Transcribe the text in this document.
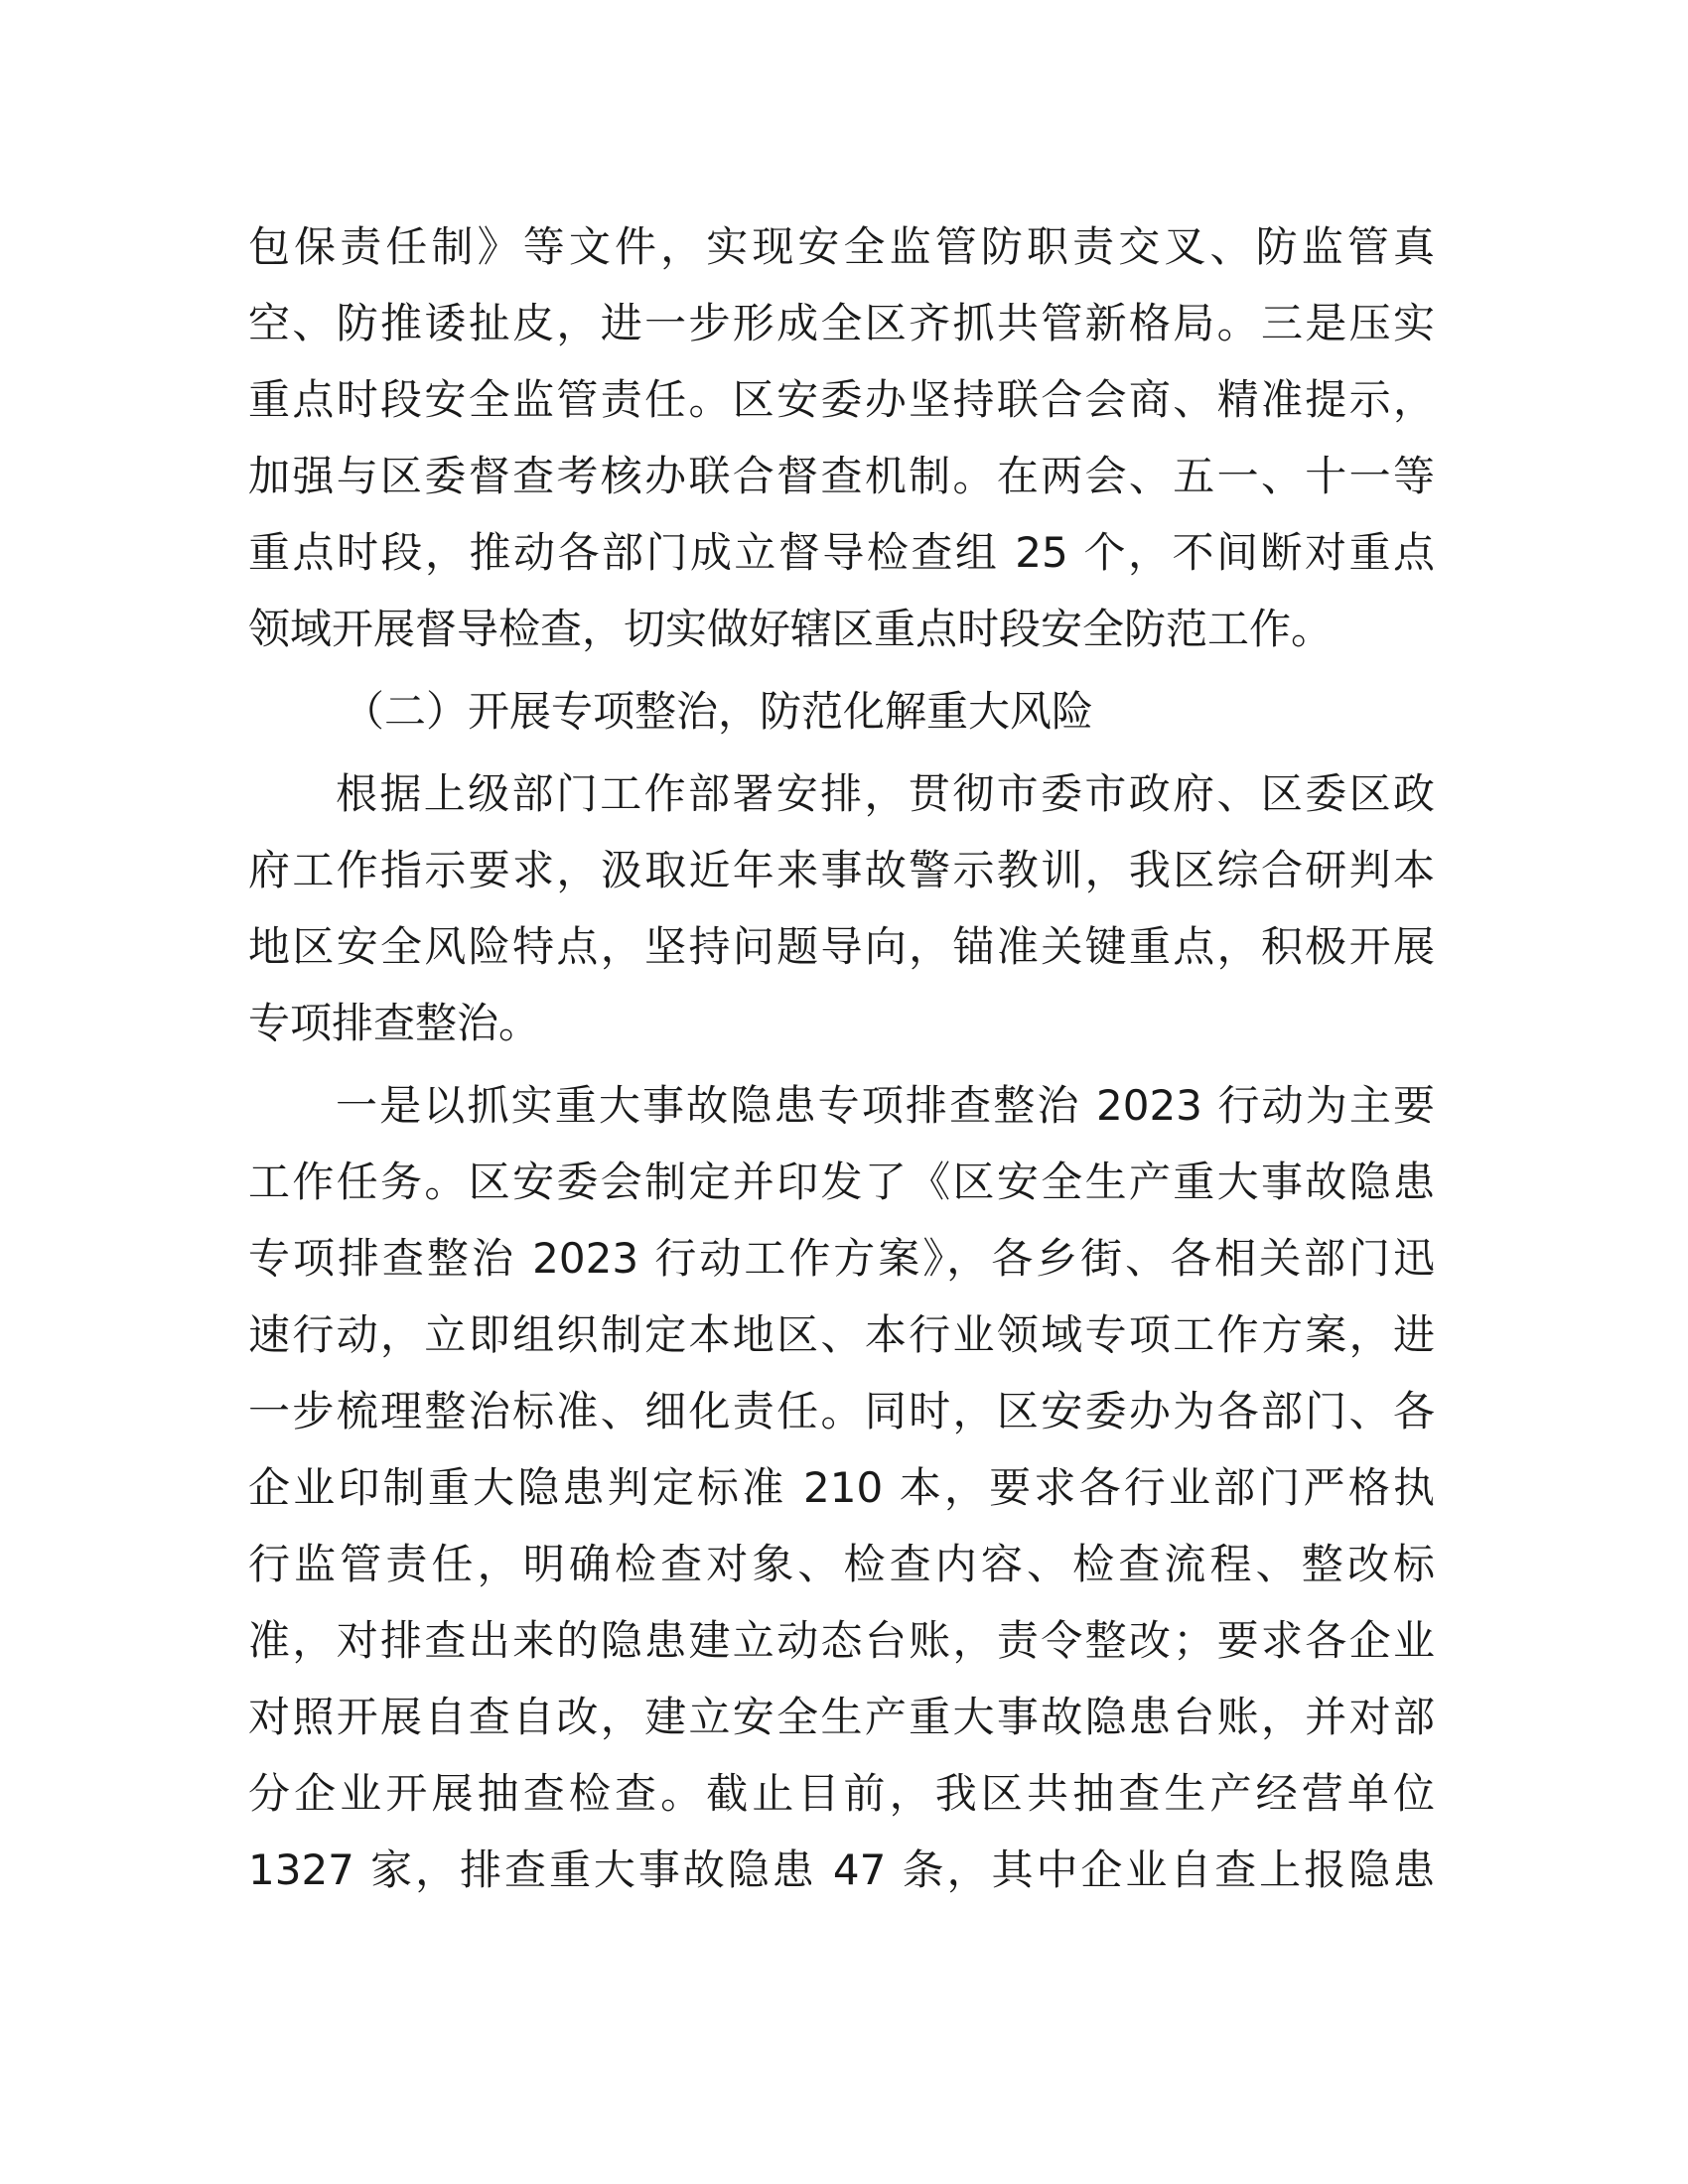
包保责任制》等文件，实现安全监管防职责交叉、防监管真
空、防推诿扯皮，进一步形成全区齐抓共管新格局。三是压实
重点时段安全监管责任。区安委办坚持联合会商、精准提示，
加强与区委督查考核办联合督查机制。在两会、五一、十一等
重点时段，推动各部门成立督导检查组 25 个，不间断对重点
领域开展督导检查，切实做好辖区重点时段安全防范工作。
（二）开展专项整治，防范化解重大风险
根据上级部门工作部署安排，贯彻市委市政府、区委区政
府工作指示要求，汲取近年来事故警示教训，我区综合研判本
地区安全风险特点，坚持问题导向，锚准关键重点，积极开展
专项排查整治。
一是以抓实重大事故隐患专项排查整治 2023 行动为主要
工作任务。区安委会制定并印发了《区安全生产重大事故隐患
专项排查整治 2023 行动工作方案》，各乡街、各相关部门迅
速行动，立即组织制定本地区、本行业领域专项工作方案，进
一步梳理整治标准、细化责任。同时，区安委办为各部门、各
企业印制重大隐患判定标准 210 本，要求各行业部门严格执
行监管责任，明确检查对象、检查内容、检查流程、整改标
准，对排查出来的隐患建立动态台账，责令整改；要求各企业
对照开展自查自改，建立安全生产重大事故隐患台账，并对部
分企业开展抽查检查。截止目前，我区共抽查生产经营单位
1327 家，排查重大事故隐患 47 条，其中企业自查上报隐患
